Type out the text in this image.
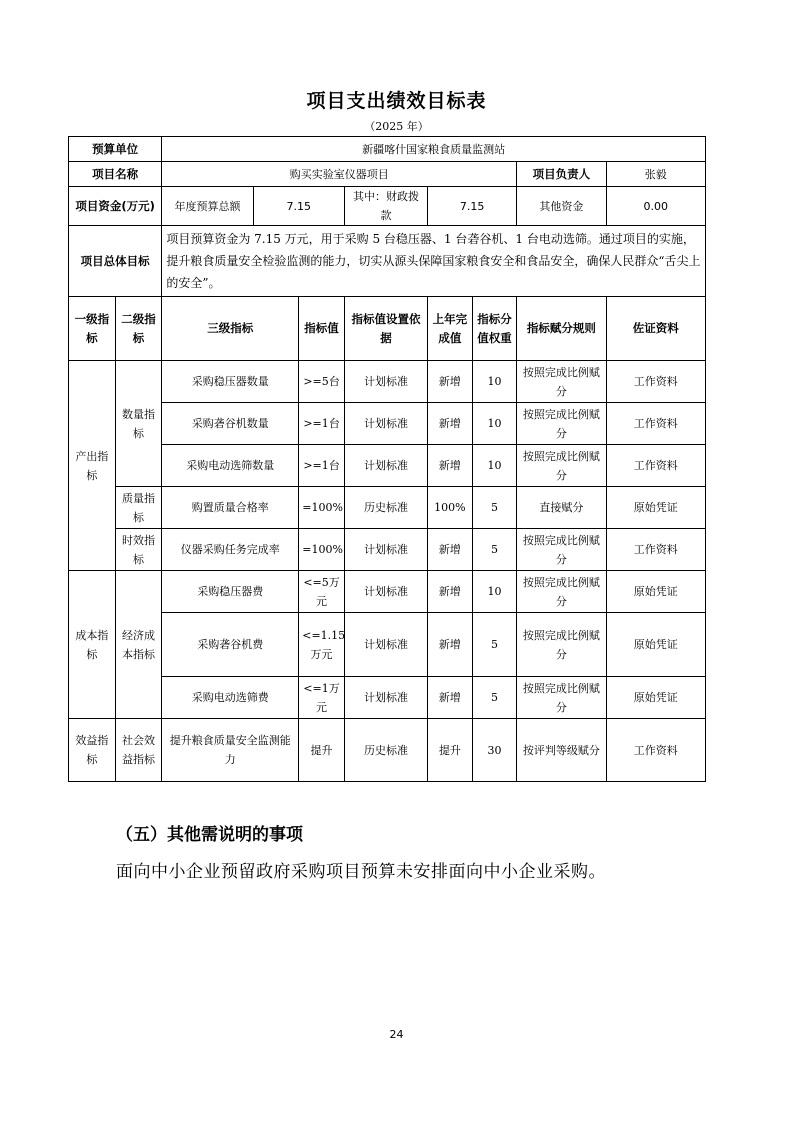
项目支出绩效目标表
（2025 年）
预算单位		新疆喀什国家粮食质量监测站							
项目名称		购买实验室仪器项目						项目负责人	张毅
项目资金(万元)		年度预算总额	7.15		其中：财政拨款	7.15		其他资金	0.00
项目总体目标		项目预算资金为 7.15 万元，用于采购 5 台稳压器、1 台砻谷机、1 台电动选筛。通过项目的实施，提升粮食质量安全检验监测的能力，切实从源头保障国家粮食安全和食品安全，确保人民群众“舌尖上的安全”。							
一级指标	二级指标	三级指标		指标值	指标值设置依据	上年完成值	指标分值权重	指标赋分规则	佐证资料
产出指标	数量指标	采购稳压器数量		>=5台	计划标准	新增	10	按照完成比例赋分	工作资料
		采购砻谷机数量		>=1台	计划标准	新增	10	按照完成比例赋分	工作资料
		采购电动选筛数量		>=1台	计划标准	新增	10	按照完成比例赋分	工作资料
	质量指标	购置质量合格率		=100%	历史标准	100%	5	直接赋分	原始凭证
	时效指标	仪器采购任务完成率		=100%	计划标准	新增	5	按照完成比例赋分	工作资料
成本指标	经济成本指标	采购稳压器费		<=5万元	计划标准	新增	10	按照完成比例赋分	原始凭证
		采购砻谷机费		<=1.15万元	计划标准	新增	5	按照完成比例赋分	原始凭证
		采购电动选筛费		<=1万元	计划标准	新增	5	按照完成比例赋分	原始凭证
效益指标	社会效益指标	提升粮食质量安全监测能力		提升	历史标准	提升	30	按评判等级赋分	工作资料
（五）其他需说明的事项
面向中小企业预留政府采购项目预算未安排面向中小企业采购。
24
